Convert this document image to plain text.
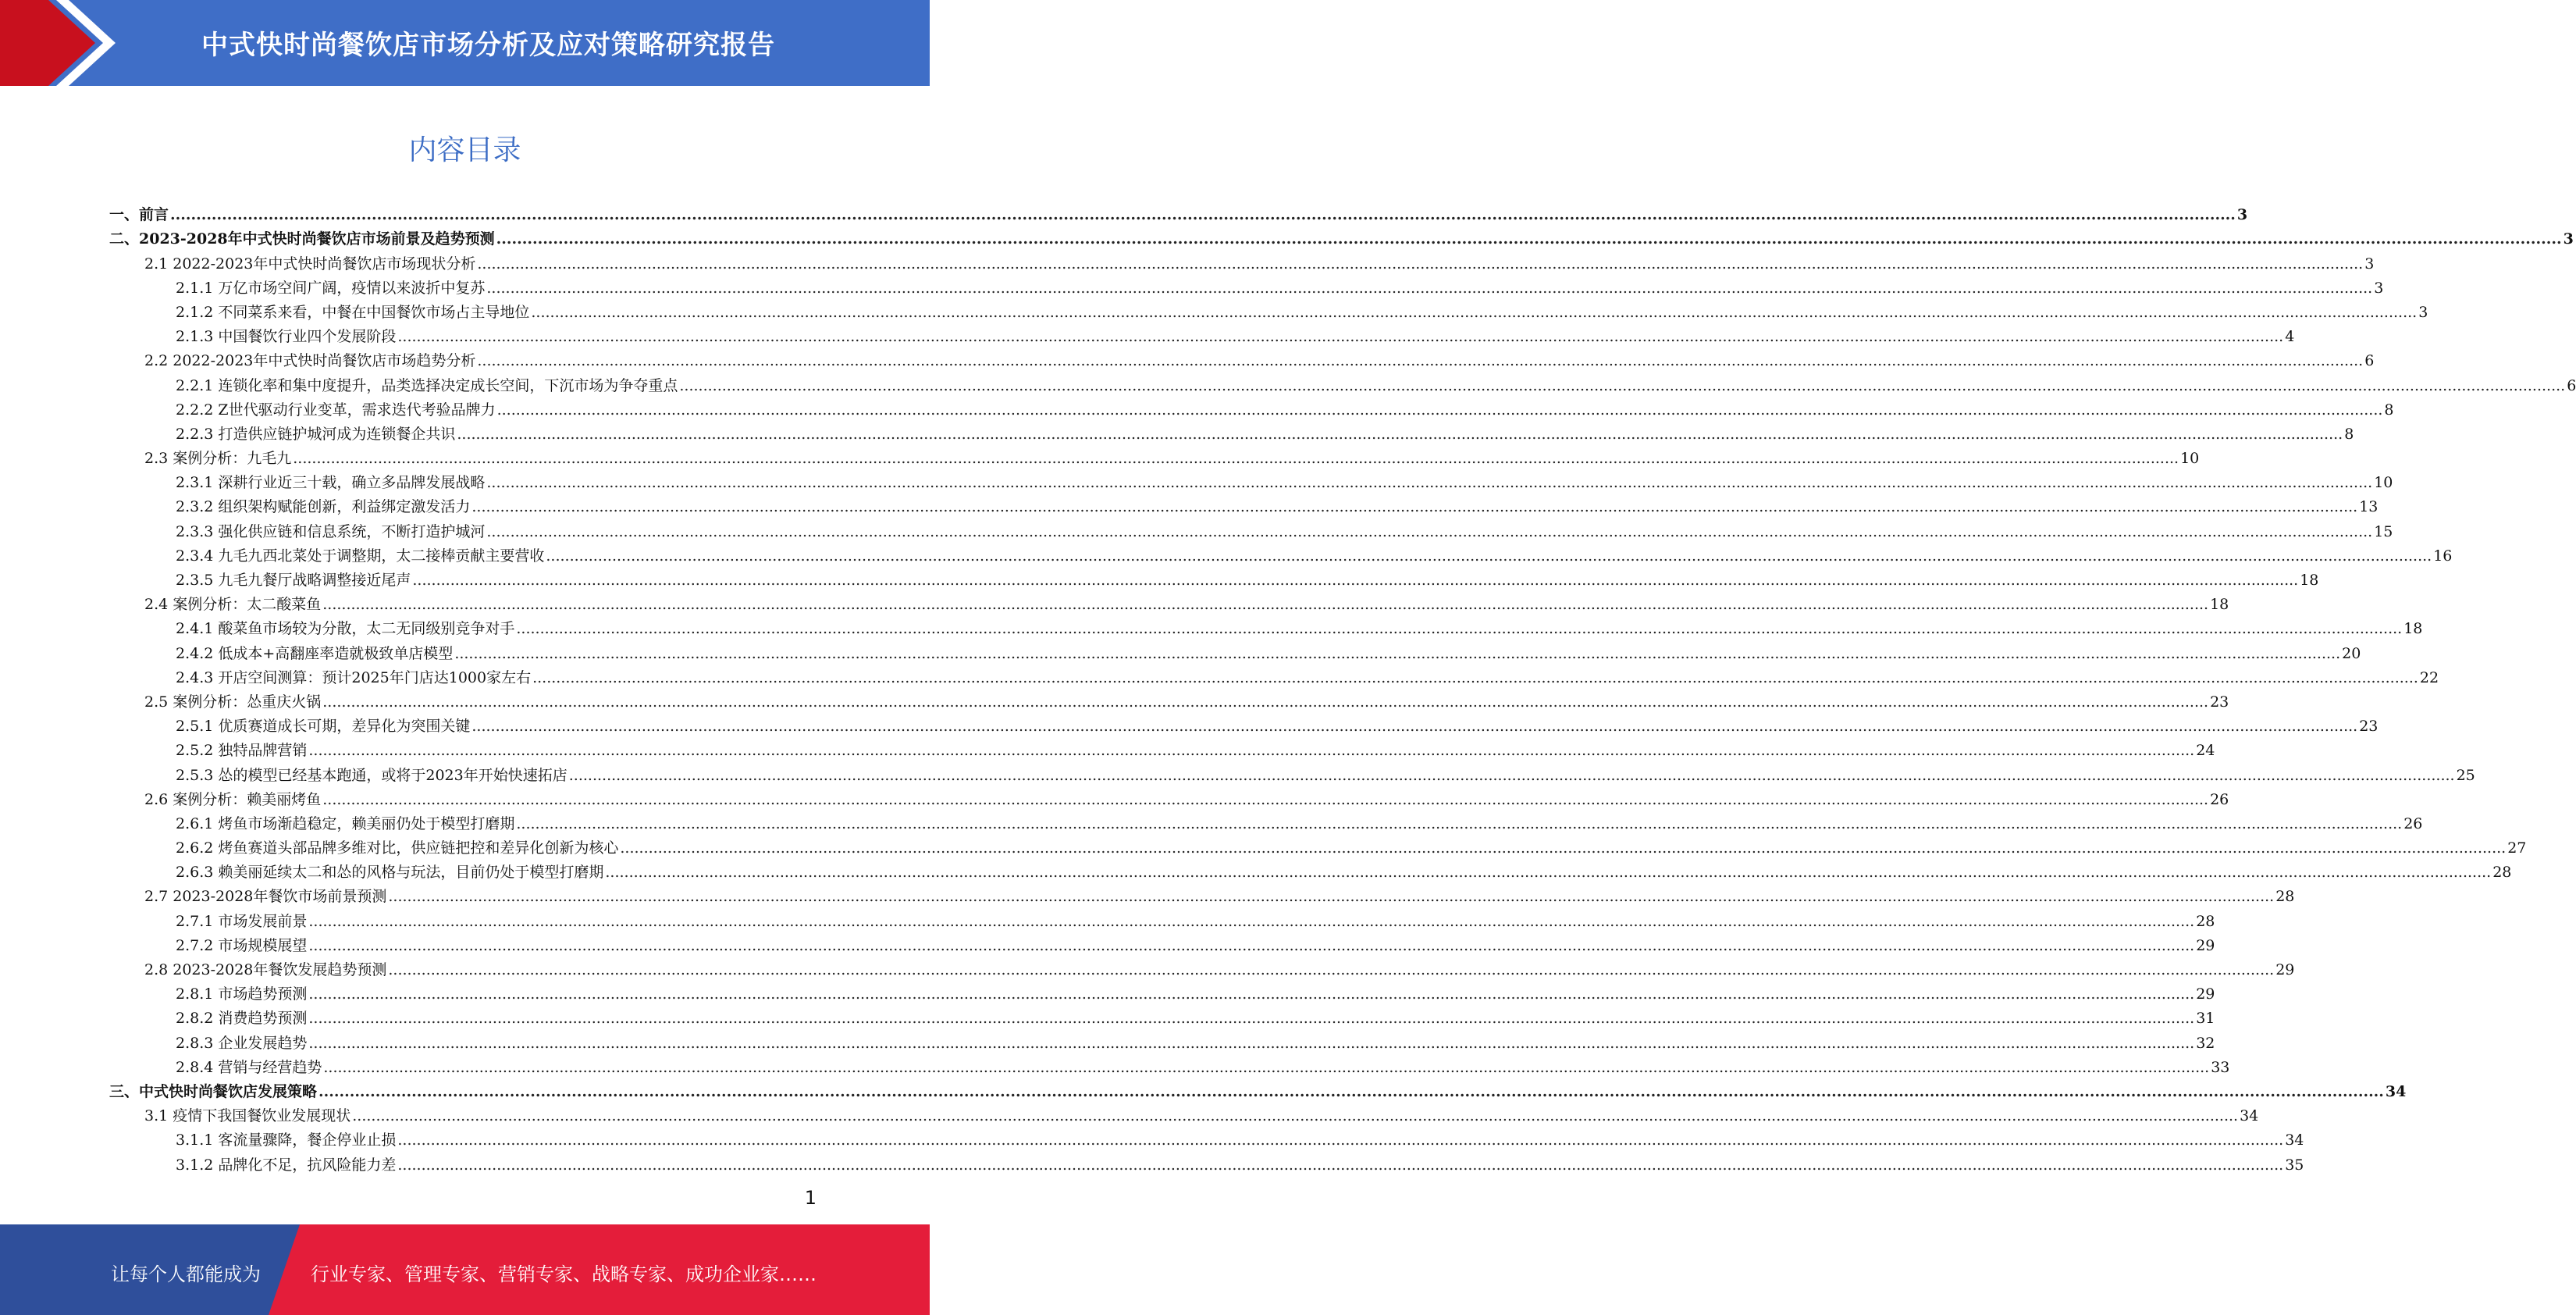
中式快时尚餐饮店市场分析及应对策略研究报告
内容目录
一、前言 ................................................................................................................................................................................................................................................................................................................................................................................................................ 3
二、2023-2028年中式快时尚餐饮店市场前景及趋势预测 ................................................................................................................................................................................................................................................................................................................................................................................................................ 3
2.1 2022-2023年中式快时尚餐饮店市场现状分析 ................................................................................................................................................................................................................................................................................................................................................................................................................ 3
2.1.1 万亿市场空间广阔，疫情以来波折中复苏 ................................................................................................................................................................................................................................................................................................................................................................................................................ 3
2.1.2 不同菜系来看，中餐在中国餐饮市场占主导地位 ................................................................................................................................................................................................................................................................................................................................................................................................................ 3
2.1.3 中国餐饮行业四个发展阶段 ................................................................................................................................................................................................................................................................................................................................................................................................................ 4
2.2 2022-2023年中式快时尚餐饮店市场趋势分析 ................................................................................................................................................................................................................................................................................................................................................................................................................ 6
2.2.1 连锁化率和集中度提升，品类选择决定成长空间，下沉市场为争夺重点 ................................................................................................................................................................................................................................................................................................................................................................................................................ 6
2.2.2 Z世代驱动行业变革，需求迭代考验品牌力 ................................................................................................................................................................................................................................................................................................................................................................................................................ 8
2.2.3 打造供应链护城河成为连锁餐企共识 ................................................................................................................................................................................................................................................................................................................................................................................................................ 8
2.3 案例分析：九毛九 ................................................................................................................................................................................................................................................................................................................................................................................................................ 10
2.3.1 深耕行业近三十载，确立多品牌发展战略 ................................................................................................................................................................................................................................................................................................................................................................................................................ 10
2.3.2 组织架构赋能创新，利益绑定激发活力 ................................................................................................................................................................................................................................................................................................................................................................................................................ 13
2.3.3 强化供应链和信息系统，不断打造护城河 ................................................................................................................................................................................................................................................................................................................................................................................................................ 15
2.3.4 九毛九西北菜处于调整期，太二接棒贡献主要营收 ................................................................................................................................................................................................................................................................................................................................................................................................................ 16
2.3.5 九毛九餐厅战略调整接近尾声 ................................................................................................................................................................................................................................................................................................................................................................................................................ 18
2.4 案例分析：太二酸菜鱼 ................................................................................................................................................................................................................................................................................................................................................................................................................ 18
2.4.1 酸菜鱼市场较为分散，太二无同级别竞争对手 ................................................................................................................................................................................................................................................................................................................................................................................................................ 18
2.4.2 低成本+高翻座率造就极致单店模型 ................................................................................................................................................................................................................................................................................................................................................................................................................ 20
2.4.3 开店空间测算：预计2025年门店达1000家左右 ................................................................................................................................................................................................................................................................................................................................................................................................................ 22
2.5 案例分析：怂重庆火锅 ................................................................................................................................................................................................................................................................................................................................................................................................................ 23
2.5.1 优质赛道成长可期，差异化为突围关键 ................................................................................................................................................................................................................................................................................................................................................................................................................ 23
2.5.2 独特品牌营销 ................................................................................................................................................................................................................................................................................................................................................................................................................ 24
2.5.3 怂的模型已经基本跑通，或将于2023年开始快速拓店 ................................................................................................................................................................................................................................................................................................................................................................................................................ 25
2.6 案例分析：赖美丽烤鱼 ................................................................................................................................................................................................................................................................................................................................................................................................................ 26
2.6.1 烤鱼市场渐趋稳定，赖美丽仍处于模型打磨期 ................................................................................................................................................................................................................................................................................................................................................................................................................ 26
2.6.2 烤鱼赛道头部品牌多维对比，供应链把控和差异化创新为核心 ................................................................................................................................................................................................................................................................................................................................................................................................................ 27
2.6.3 赖美丽延续太二和怂的风格与玩法，目前仍处于模型打磨期 ................................................................................................................................................................................................................................................................................................................................................................................................................ 28
2.7 2023-2028年餐饮市场前景预测 ................................................................................................................................................................................................................................................................................................................................................................................................................ 28
2.7.1 市场发展前景 ................................................................................................................................................................................................................................................................................................................................................................................................................ 28
2.7.2 市场规模展望 ................................................................................................................................................................................................................................................................................................................................................................................................................ 29
2.8 2023-2028年餐饮发展趋势预测 ................................................................................................................................................................................................................................................................................................................................................................................................................ 29
2.8.1 市场趋势预测 ................................................................................................................................................................................................................................................................................................................................................................................................................ 29
2.8.2 消费趋势预测 ................................................................................................................................................................................................................................................................................................................................................................................................................ 31
2.8.3 企业发展趋势 ................................................................................................................................................................................................................................................................................................................................................................................................................ 32
2.8.4 营销与经营趋势 ................................................................................................................................................................................................................................................................................................................................................................................................................ 33
三、中式快时尚餐饮店发展策略 ................................................................................................................................................................................................................................................................................................................................................................................................................ 34
3.1 疫情下我国餐饮业发展现状 ................................................................................................................................................................................................................................................................................................................................................................................................................ 34
3.1.1 客流量骤降，餐企停业止损 ................................................................................................................................................................................................................................................................................................................................................................................................................ 34
3.1.2 品牌化不足，抗风险能力差 ................................................................................................................................................................................................................................................................................................................................................................................................................ 35
1
让每个人都能成为	行业专家、管理专家、营销专家、战略专家、成功企业家……
